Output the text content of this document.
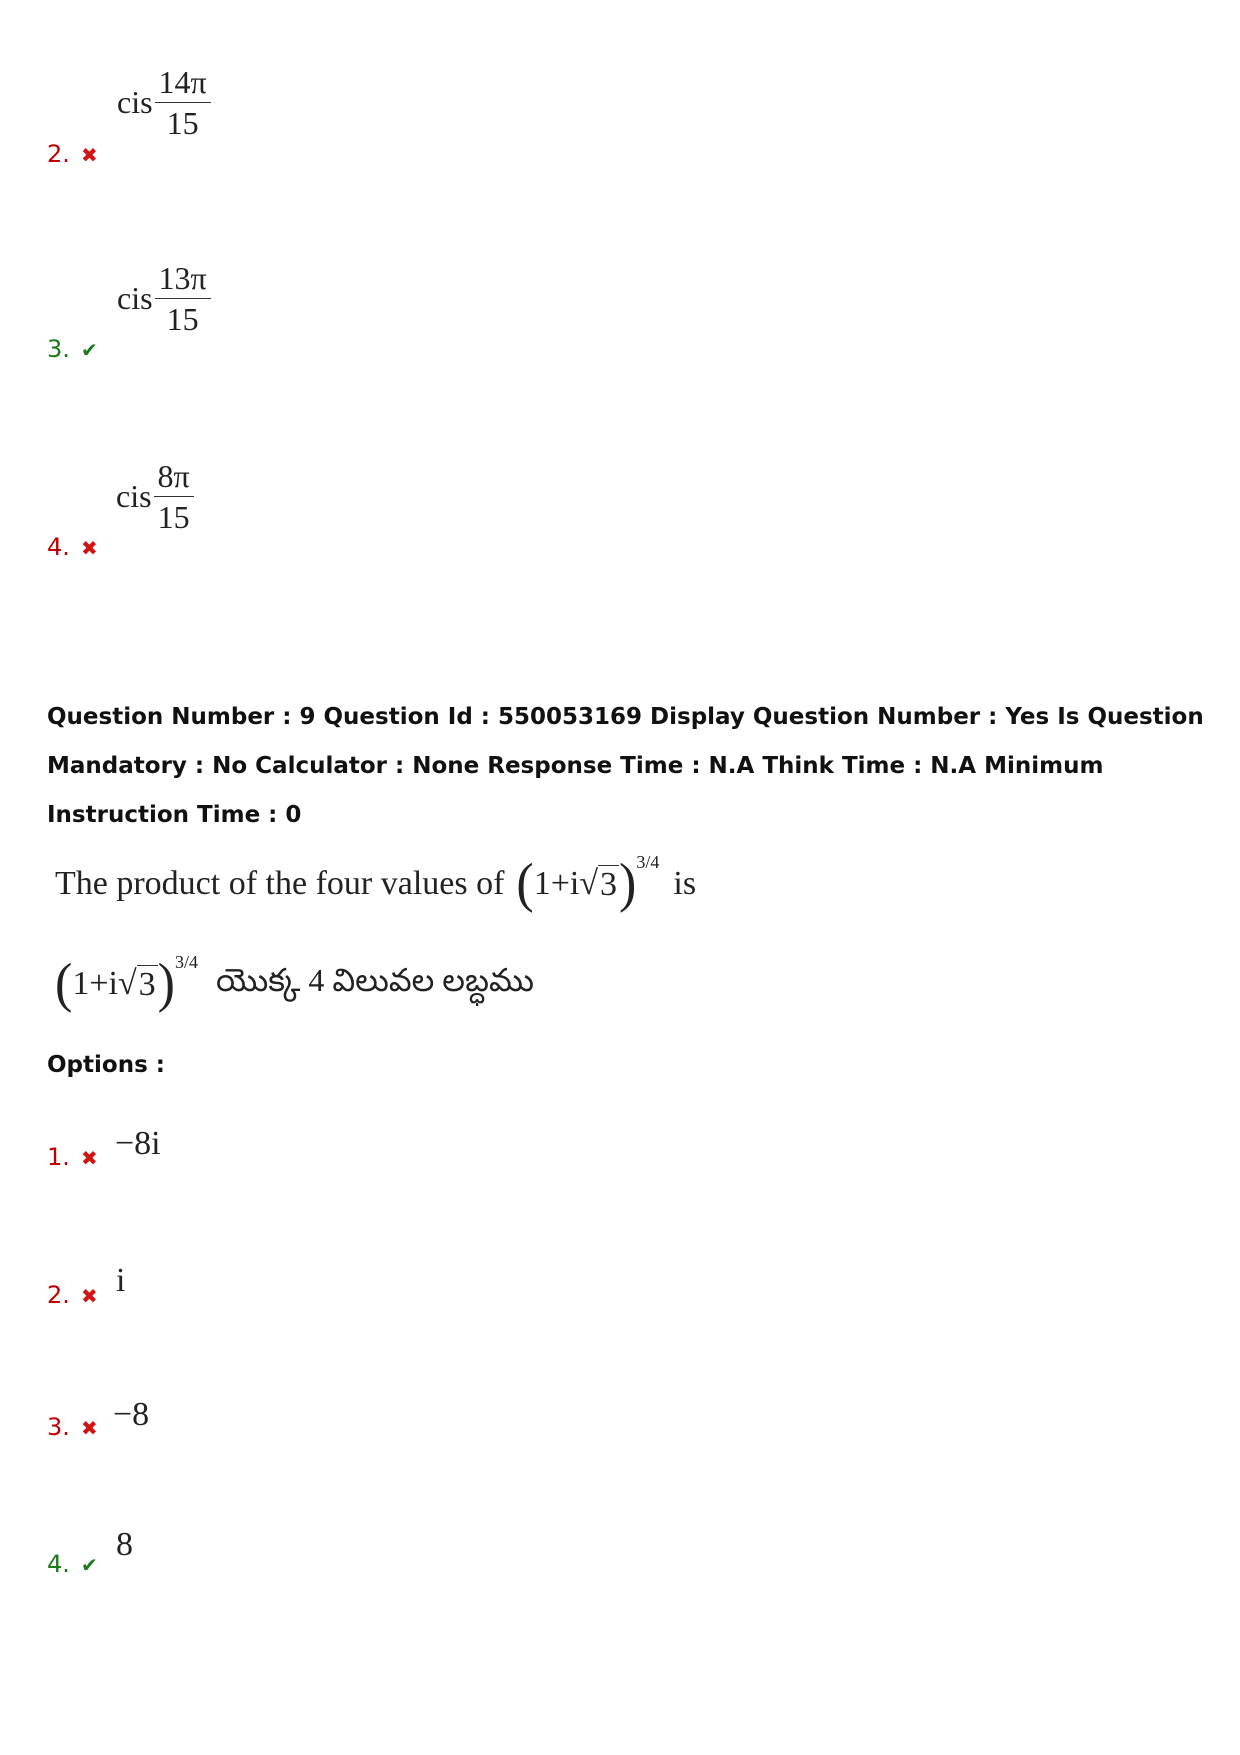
2. ✖
cis $\frac{14\pi}{15}$
3. ✔
cis $\frac{13\pi}{15}$
4. ✖
cis $\frac{8\pi}{15}$
Question Number : 9 Question Id : 550053169 Display Question Number : Yes Is Question Mandatory : No Calculator : None Response Time : N.A Think Time : N.A Minimum Instruction Time : 0
The product of the four values of ( 1+i √ 3 ) 3/4
is
( 1+i √ 3 ) 3/4 యొక్క 4 విలువల లబ్ధము
Options :
1. ✖ −8i
2. ✖ i
3. ✖ −8
4. ✔
8
